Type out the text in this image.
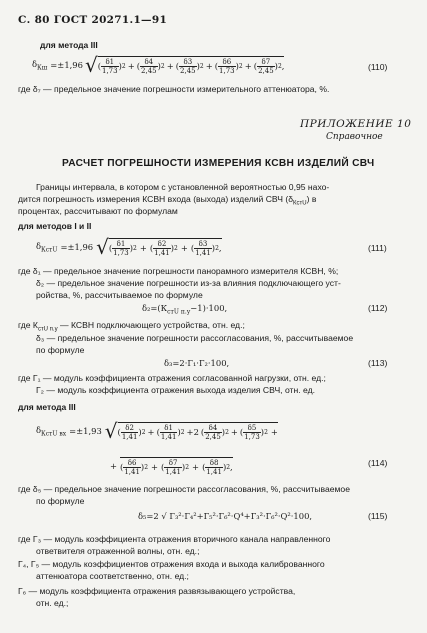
С. 80 ГОСТ 20271.1—91
для метода III
$\delta_{Кш} =\pm 1,96$ √ ( $\frac{\delta 1}{1,73}$ ) 2 + ( $\frac{\delta 4}{2,45}$ ) 2 + ( $\frac{\delta 3}{2,45}$ ) 2 + ( $\frac{\delta 6}{1,73}$ ) 2 + ( $\frac{\delta 7}{2,45}$ ) 2 ,	(110)
где δ₇ — предельное значение погрешности измерительного аттенюатора, %.
ПРИЛОЖЕНИЕ 10
Справочное
РАСЧЕТ ПОГРЕШНОСТИ ИЗМЕРЕНИЯ КСВН ИЗДЕЛИЙ СВЧ
Границы интервала, в котором с установленной вероятностью 0,95 нахо-
дится погрешность измерения КСВН входа (выхода) изделий СВЧ $(\delta_{КстU})$ в
процентах, рассчитывают по формулам
для методов I и II
$\delta_{КстU} =\pm 1,96$ √ ( $\frac{\delta 1}{1,73}$ ) 2 + ( $\frac{\delta 2}{1,41}$ ) 2 + ( $\frac{\delta 3}{1,41}$ ) 2 ,	(111)
где δ₁ — предельное значение погрешности панорамного измерителя КСВН, %;
δ₂ — предельное значение погрешности из-за влияния подключающего уст-
ройства, %, рассчитываемое по формуле
$\delta_2=(К_{стU п.у}-1)\cdot 100$,	(112)
где $К_{стU п.у}$ — КСВН подключающего устройства, отн. ед.;
δ₃ — предельное значение погрешности рассогласования, %, рассчитываемое
по формуле
δ₃=2·Г₁·Г₂·100,	(113)
где Г₁ — модуль коэффициента отражения согласованной нагрузки, отн. ед.;
Г₂ — модуль коэффициента отражения выхода изделия СВЧ, отн. ед.
для метода III
$\delta_{КстU вх} =\pm 1,93$ √ ( $\frac{\delta 2}{1,41}$ ) 2 + ( $\frac{\delta 1}{1,41}$ ) 2 +2 ( $\frac{\delta 4}{2,45}$ ) 2 + ( $\frac{\delta 5}{1,73}$ ) 2 +
+ ( $\frac{\delta 6}{1,41}$ ) 2 + ( $\frac{\delta 7}{1,41}$ ) 2 + ( $\frac{\delta 8}{1,41}$ ) 2 ,	(114)
где δ₅ — предельное значение погрешности рассогласования, %, рассчитываемое
по формуле
δ₅=2 √ Г₃²·Г₄²+Г₅²·Г₆²·Q⁴+Г₃²·Г₆²·Q²·100,	(115)
где Г₃ — модуль коэффициента отражения вторичного канала направленного
ответвителя отраженной волны, отн. ед.;
Г₄, Г₅ — модуль коэффициентов отражения входа и выхода калиброванного
аттенюатора соответственно, отн. ед.;
Г₆ — модуль коэффициента отражения развязывающего устройства,
отн. ед.;
